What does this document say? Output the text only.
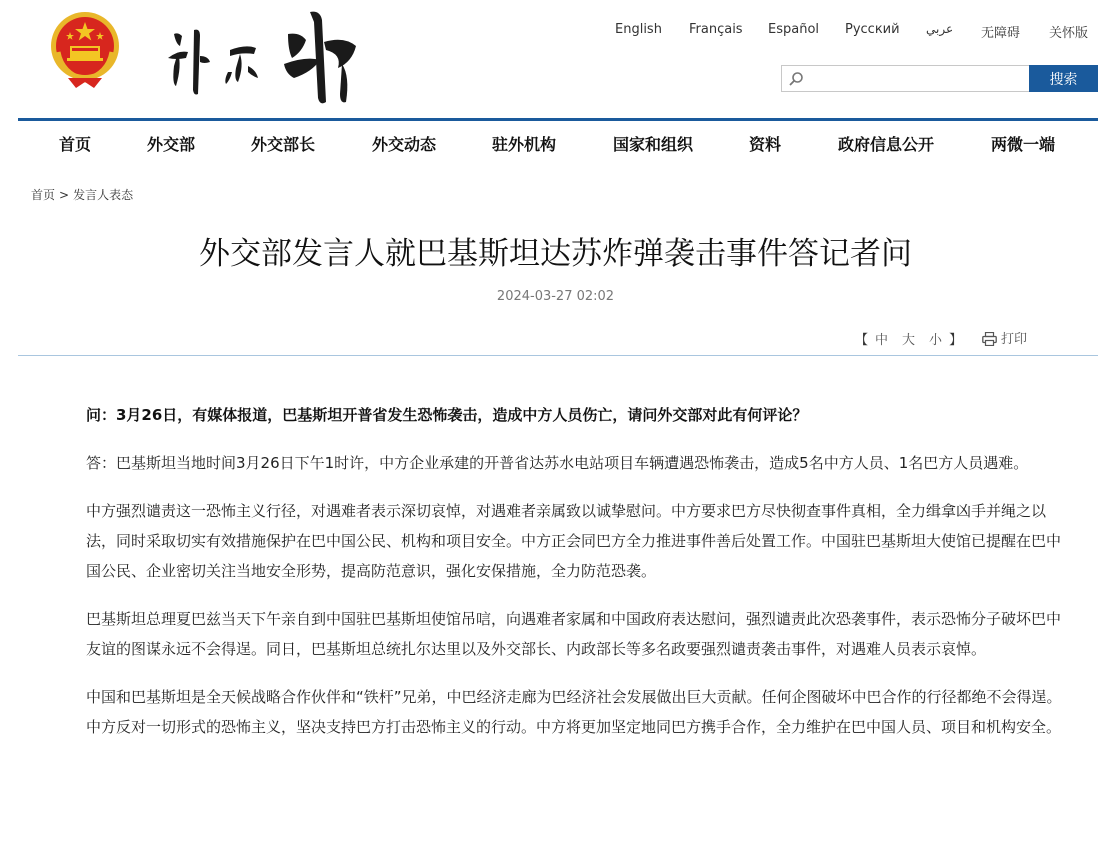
English Français Español Русский عربي 无障碍 关怀版
搜索
首页	外交部	外交部长	外交动态	驻外机构	国家和组织	资料	政府信息公开	两微一端
首页 > 发言人表态
外交部发言人就巴基斯坦达苏炸弹袭击事件答记者问
2024-03-27 02:02
【 中 大 小 】	打印

问：3月26日，有媒体报道，巴基斯坦开普省发生恐怖袭击，造成中方人员伤亡，请问外交部对此有何评论？

答：巴基斯坦当地时间3月26日下午1时许，中方企业承建的开普省达苏水电站项目车辆遭遇恐怖袭击，造成5名中方人员、1名巴方人员遇难。

中方强烈谴责这一恐怖主义行径，对遇难者表示深切哀悼，对遇难者亲属致以诚挚慰问。中方要求巴方尽快彻查事件真相，全力缉拿凶手并绳之以法，同时采取切实有效措施保护在巴中国公民、机构和项目安全。中方正会同巴方全力推进事件善后处置工作。中国驻巴基斯坦大使馆已提醒在巴中国公民、企业密切关注当地安全形势，提高防范意识，强化安保措施，全力防范恐袭。

巴基斯坦总理夏巴兹当天下午亲自到中国驻巴基斯坦使馆吊唁，向遇难者家属和中国政府表达慰问，强烈谴责此次恐袭事件，表示恐怖分子破坏巴中友谊的图谋永远不会得逞。同日，巴基斯坦总统扎尔达里以及外交部长、内政部长等多名政要强烈谴责袭击事件，对遇难人员表示哀悼。

中国和巴基斯坦是全天候战略合作伙伴和“铁杆”兄弟，中巴经济走廊为巴经济社会发展做出巨大贡献。任何企图破坏中巴合作的行径都绝不会得逞。中方反对一切形式的恐怖主义，坚决支持巴方打击恐怖主义的行动。中方将更加坚定地同巴方携手合作，全力维护在巴中国人员、项目和机构安全。
